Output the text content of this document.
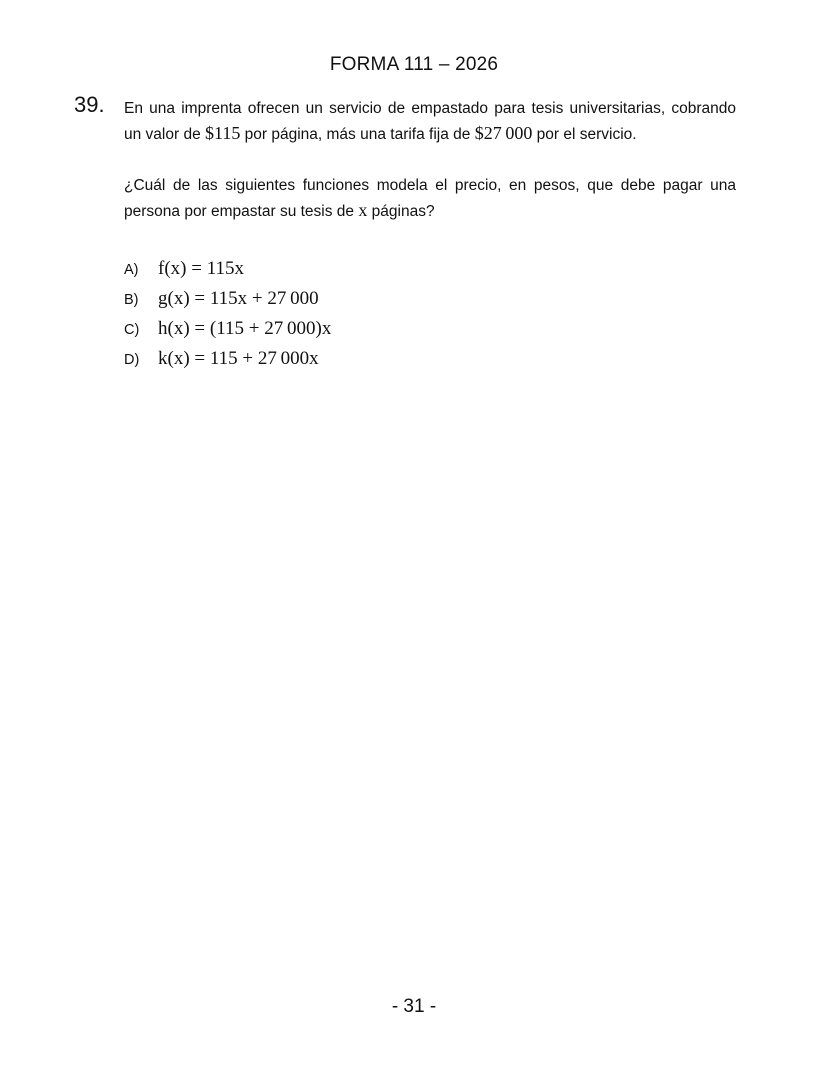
FORMA 111 – 2026
39. En una imprenta ofrecen un servicio de empastado para tesis universitarias, cobrando un valor de $115 por página, más una tarifa fija de $27 000 por el servicio.
¿Cuál de las siguientes funciones modela el precio, en pesos, que debe pagar una persona por empastar su tesis de x páginas?
A)	f(x) = 115x
B)	g(x) = 115x + 27 000
C) h(x) = (115 + 27 000)x
D) k(x) = 115 + 27 000x
- 31 -
